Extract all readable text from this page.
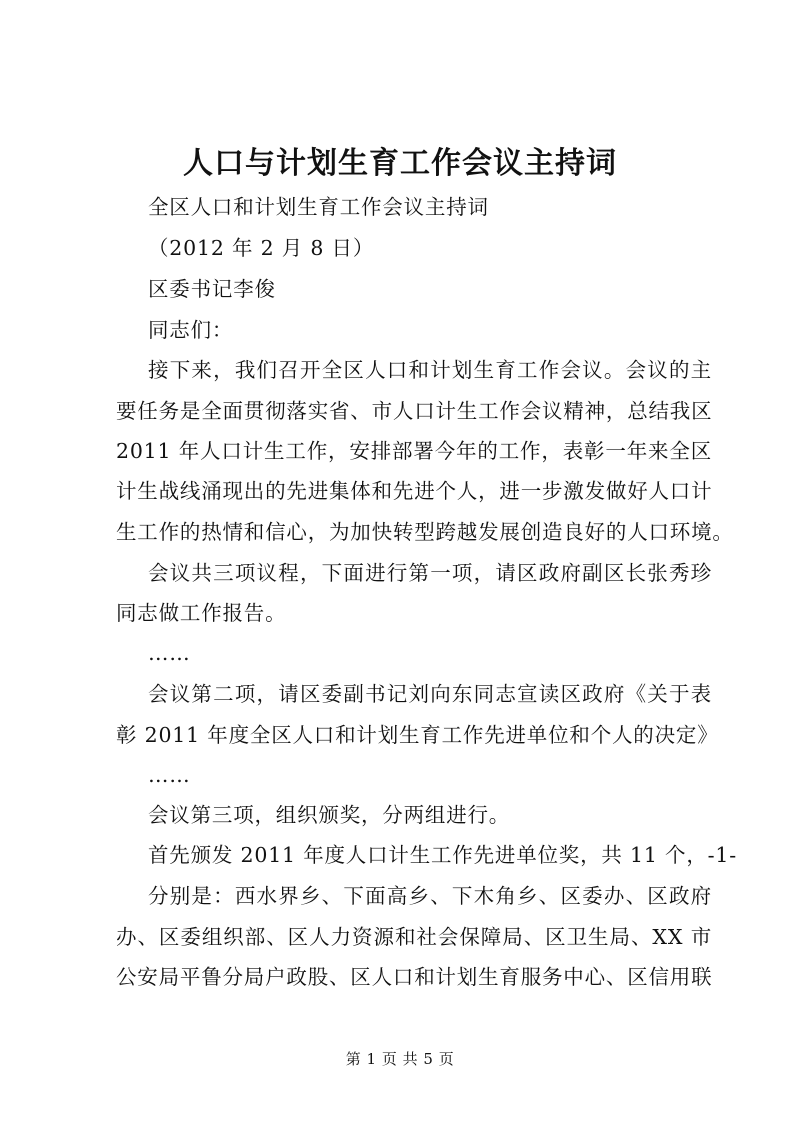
人口与计划生育工作会议主持词
全区人口和计划生育工作会议主持词
（2012 年 2 月 8 日）
区委书记李俊
同志们：
接下来，我们召开全区人口和计划生育工作会议。会议的主
要任务是全面贯彻落实省、市人口计生工作会议精神，总结我区
2011 年人口计生工作，安排部署今年的工作，表彰一年来全区
计生战线涌现出的先进集体和先进个人，进一步激发做好人口计
生工作的热情和信心，为加快转型跨越发展创造良好的人口环境。
会议共三项议程，下面进行第一项，请区政府副区长张秀珍
同志做工作报告。
……
会议第二项，请区委副书记刘向东同志宣读区政府《关于表
彰 2011 年度全区人口和计划生育工作先进单位和个人的决定》
……
会议第三项，组织颁奖，分两组进行。
首先颁发 2011 年度人口计生工作先进单位奖，共 11 个，-1-
分别是：西水界乡、下面高乡、下木角乡、区委办、区政府
办、区委组织部、区人力资源和社会保障局、区卫生局、XX 市
公安局平鲁分局户政股、区人口和计划生育服务中心、区信用联
第 1 页 共 5 页
